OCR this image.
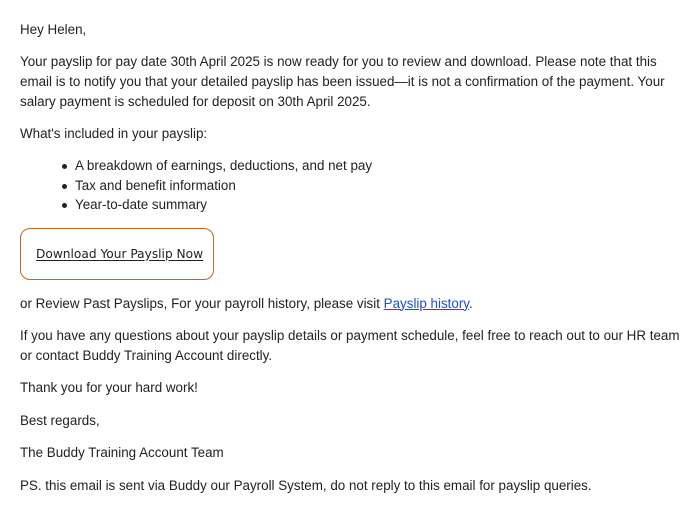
Hey Helen,

Your payslip for pay date 30th April 2025 is now ready for you to review and download. Please note that this email is to notify you that your detailed payslip has been issued—it is not a confirmation of the payment. Your salary payment is scheduled for deposit on 30th April 2025.

What's included in your payslip:

A breakdown of earnings, deductions, and net pay
Tax and benefit information
Year-to-date summary
Download Your Payslip Now

or Review Past Payslips, For your payroll history, please visit Payslip history.

If you have any questions about your payslip details or payment schedule, feel free to reach out to our HR team or contact Buddy Training Account directly.

Thank you for your hard work!

Best regards,

The Buddy Training Account Team

PS. this email is sent via Buddy our Payroll System, do not reply to this email for payslip queries.
